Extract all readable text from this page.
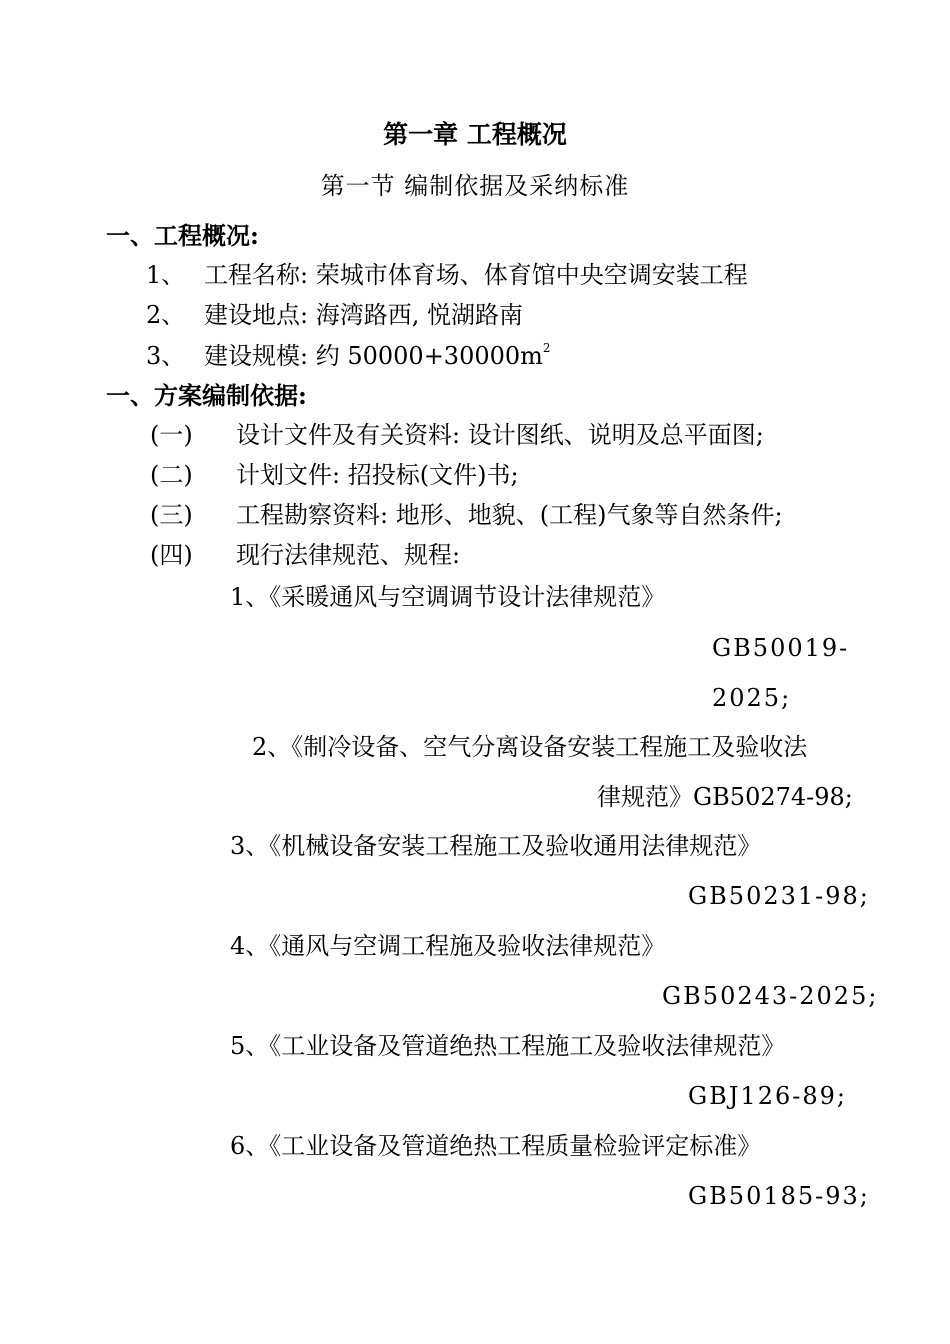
第一章 工程概况
第一节 编制依据及采纳标准
一、工程概况:
1、 工程名称: 荣城市体育场、体育馆中央空调安装工程
2、 建设地点: 海湾路西, 悦湖路南
3、 建设规模: 约 $50000+30000m^2$
一、方案编制依据:
(一) 设计文件及有关资料: 设计图纸、说明及总平面图;
(二) 计划文件: 招投标(文件)书;
(三) 工程勘察资料: 地形、地貌、(工程)气象等自然条件;
(四) 现行法律规范、规程:
1、《采暖通风与空调调节设计法律规范》
GB50019-
2025;
2、《制冷设备、空气分离设备安装工程施工及验收法
律规范》GB50274-98;
3、《机械设备安装工程施工及验收通用法律规范》
GB50231-98;
4、《通风与空调工程施及验收法律规范》
GB50243-2025;
5、《工业设备及管道绝热工程施工及验收法律规范》
GBJ126-89;
6、《工业设备及管道绝热工程质量检验评定标准》
GB50185-93;
